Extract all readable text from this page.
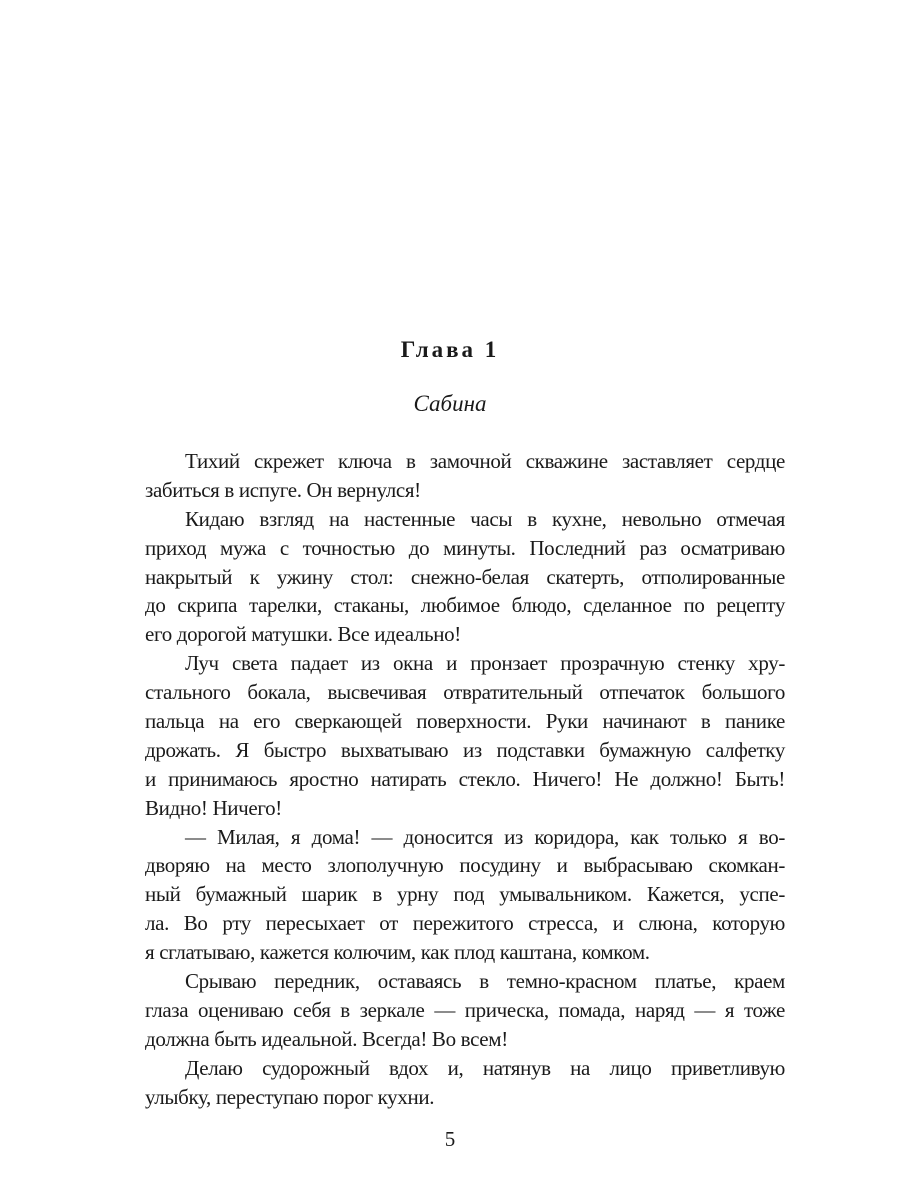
Глава 1
Сабина
Тихий скрежет ключа в замочной скважине заставляет сердце
забиться в испуге. Он вернулся!
Кидаю взгляд на настенные часы в кухне, невольно отмечая
приход мужа с точностью до минуты. Последний раз осматриваю
накрытый к ужину стол: снежно-белая скатерть, отполированные
до скрипа тарелки, стаканы, любимое блюдо, сделанное по рецепту
его дорогой матушки. Все идеально!
Луч света падает из окна и пронзает прозрачную стенку хру-
стального бокала, высвечивая отвратительный отпечаток большого
пальца на его сверкающей поверхности. Руки начинают в панике
дрожать. Я быстро выхватываю из подставки бумажную салфетку
и принимаюсь яростно натирать стекло. Ничего! Не должно! Быть!
Видно! Ничего!
— Милая, я дома! — доносится из коридора, как только я во-
дворяю на место злополучную посудину и выбрасываю скомкан-
ный бумажный шарик в урну под умывальником. Кажется, успе-
ла. Во рту пересыхает от пережитого стресса, и слюна, которую
я сглатываю, кажется колючим, как плод каштана, комком.
Срываю передник, оставаясь в темно-красном платье, краем
глаза оцениваю себя в зеркале — прическа, помада, наряд — я тоже
должна быть идеальной. Всегда! Во всем!
Делаю судорожный вдох и, натянув на лицо приветливую
улыбку, переступаю порог кухни.
5
